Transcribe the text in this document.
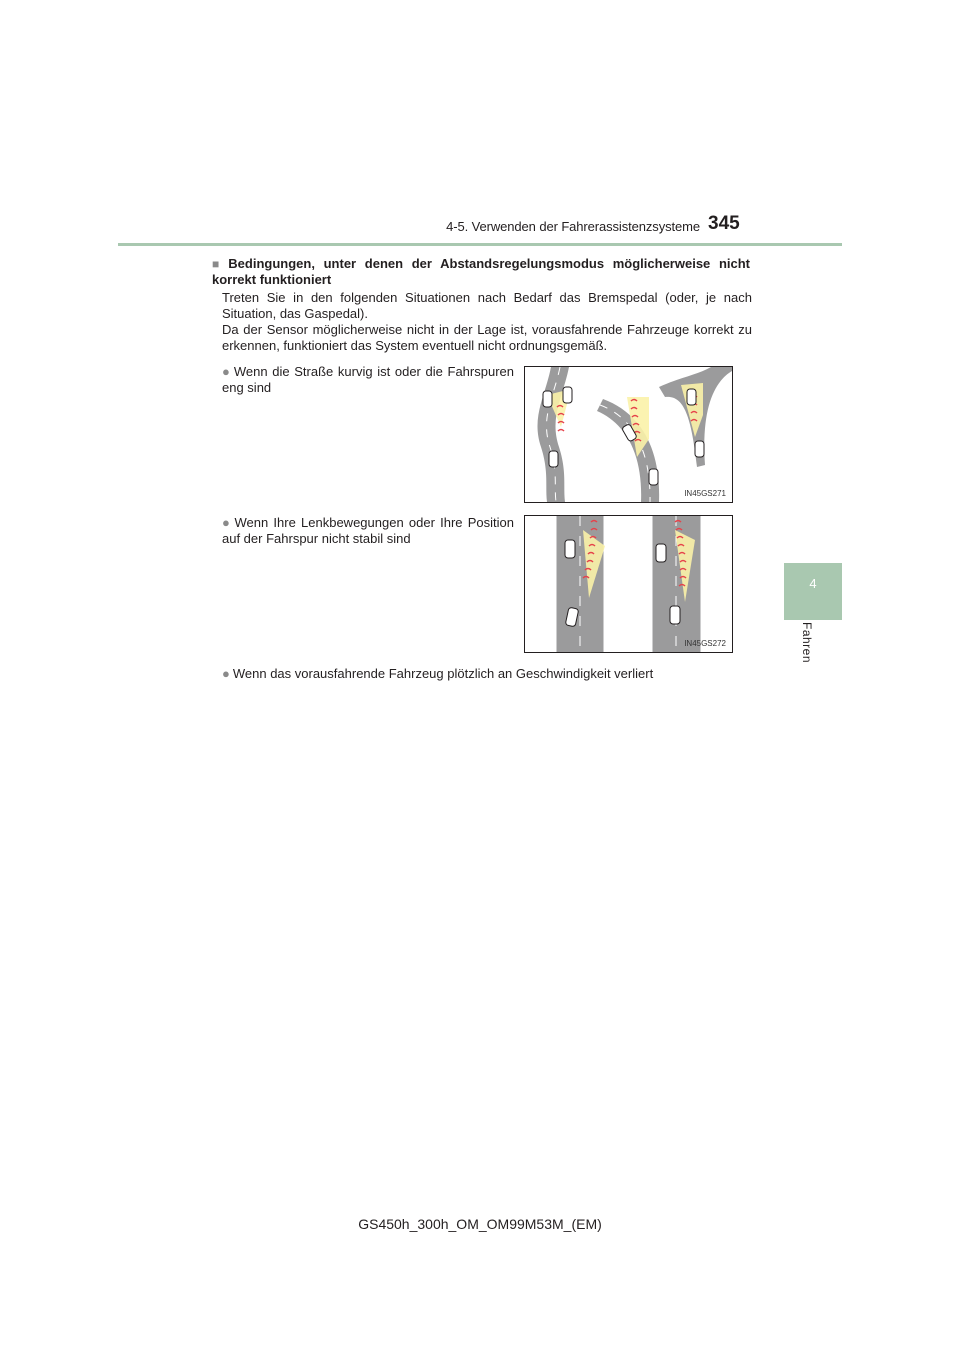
4-5. Verwenden der Fahrerassistenzsysteme 345
4
Fahren
■ Bedingungen, unter denen der Abstandsregelungsmodus möglicherweise nicht korrekt funktioniert
Treten Sie in den folgenden Situationen nach Bedarf das Bremspedal (oder, je nach Situation, das Gaspedal).
Da der Sensor möglicherweise nicht in der Lage ist, vorausfahrende Fahrzeuge korrekt zu erkennen, funktioniert das System eventuell nicht ordnungsgemäß.
● Wenn die Straße kurvig ist oder die Fahrspuren eng sind
IN45GS271
● Wenn Ihre Lenkbewegungen oder Ihre Position auf der Fahrspur nicht stabil sind
IN45GS272
● Wenn das vorausfahrende Fahrzeug plötzlich an Geschwindigkeit verliert
GS450h_300h_OM_OM99M53M_(EM)
